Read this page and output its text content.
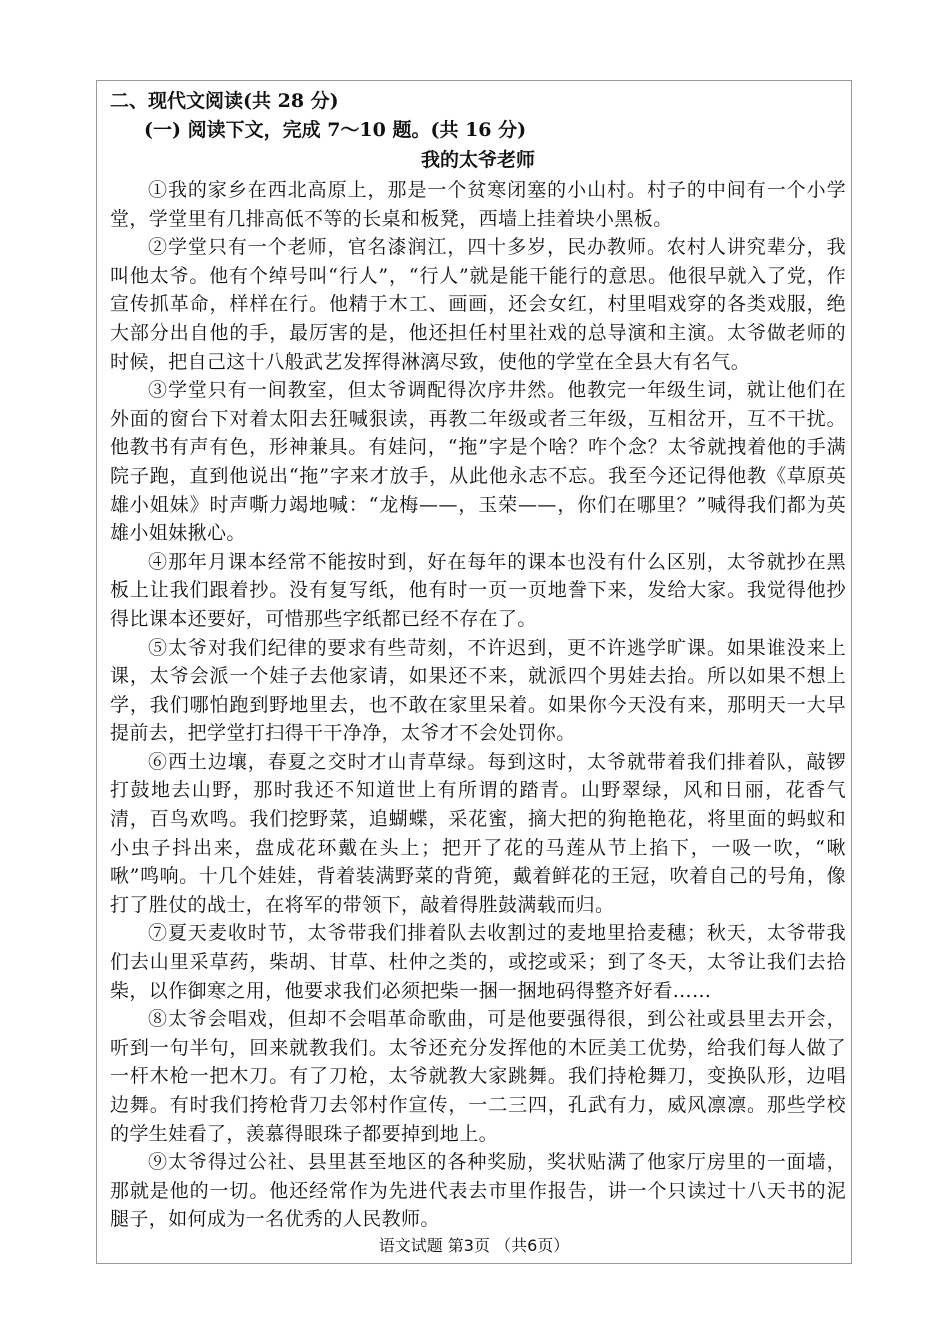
二、现代文阅读(共 28 分)

(一) 阅读下文，完成 7～10 题。(共 16 分)

我的太爷老师

①我的家乡在西北高原上，那是一个贫寒闭塞的小山村。村子的中间有一个小学堂，学堂里有几排高低不等的长桌和板凳，西墙上挂着块小黑板。

②学堂只有一个老师，官名漆润江，四十多岁，民办教师。农村人讲究辈分，我叫他太爷。他有个绰号叫“行人”，“行人”就是能干能行的意思。他很早就入了党，作宣传抓革命，样样在行。他精于木工、画画，还会女红，村里唱戏穿的各类戏服，绝大部分出自他的手，最厉害的是，他还担任村里社戏的总导演和主演。太爷做老师的时候，把自己这十八般武艺发挥得淋漓尽致，使他的学堂在全县大有名气。

③学堂只有一间教室，但太爷调配得次序井然。他教完一年级生词，就让他们在外面的窗台下对着太阳去狂喊狠读，再教二年级或者三年级，互相岔开，互不干扰。他教书有声有色，形神兼具。有娃问，“拖”字是个啥？咋个念？太爷就拽着他的手满院子跑，直到他说出“拖”字来才放手，从此他永志不忘。我至今还记得他教《草原英雄小姐妹》时声嘶力竭地喊：“龙梅——，玉荣——，你们在哪里？”喊得我们都为英雄小姐妹揪心。

④那年月课本经常不能按时到，好在每年的课本也没有什么区别，太爷就抄在黑板上让我们跟着抄。没有复写纸，他有时一页一页地誊下来，发给大家。我觉得他抄得比课本还要好，可惜那些字纸都已经不存在了。

⑤太爷对我们纪律的要求有些苛刻，不许迟到，更不许逃学旷课。如果谁没来上课，太爷会派一个娃子去他家请，如果还不来，就派四个男娃去抬。所以如果不想上学，我们哪怕跑到野地里去，也不敢在家里呆着。如果你今天没有来，那明天一大早提前去，把学堂打扫得干干净净，太爷才不会处罚你。

⑥西土边壤，春夏之交时才山青草绿。每到这时，太爷就带着我们排着队，敲锣打鼓地去山野，那时我还不知道世上有所谓的踏青。山野翠绿，风和日丽，花香气清，百鸟欢鸣。我们挖野菜，追蝴蝶，采花蜜，摘大把的狗艳艳花，将里面的蚂蚁和小虫子抖出来，盘成花环戴在头上；把开了花的马莲从节上掐下，一吸一吹，“啾啾”鸣响。十几个娃娃，背着装满野菜的背篼，戴着鲜花的王冠，吹着自己的号角，像打了胜仗的战士，在将军的带领下，敲着得胜鼓满载而归。

⑦夏天麦收时节，太爷带我们排着队去收割过的麦地里拾麦穗；秋天，太爷带我们去山里采草药，柴胡、甘草、杜仲之类的，或挖或采；到了冬天，太爷让我们去拾柴，以作御寒之用，他要求我们必须把柴一捆一捆地码得整齐好看……

⑧太爷会唱戏，但却不会唱革命歌曲，可是他要强得很，到公社或县里去开会，听到一句半句，回来就教我们。太爷还充分发挥他的木匠美工优势，给我们每人做了一杆木枪一把木刀。有了刀枪，太爷就教大家跳舞。我们持枪舞刀，变换队形，边唱边舞。有时我们挎枪背刀去邻村作宣传，一二三四，孔武有力，威风凛凛。那些学校的学生娃看了，羡慕得眼珠子都要掉到地上。

⑨太爷得过公社、县里甚至地区的各种奖励，奖状贴满了他家厅房里的一面墙，那就是他的一切。他还经常作为先进代表去市里作报告，讲一个只读过十八天书的泥腿子，如何成为一名优秀的人民教师。

语文试题 第3页 （共6页）
